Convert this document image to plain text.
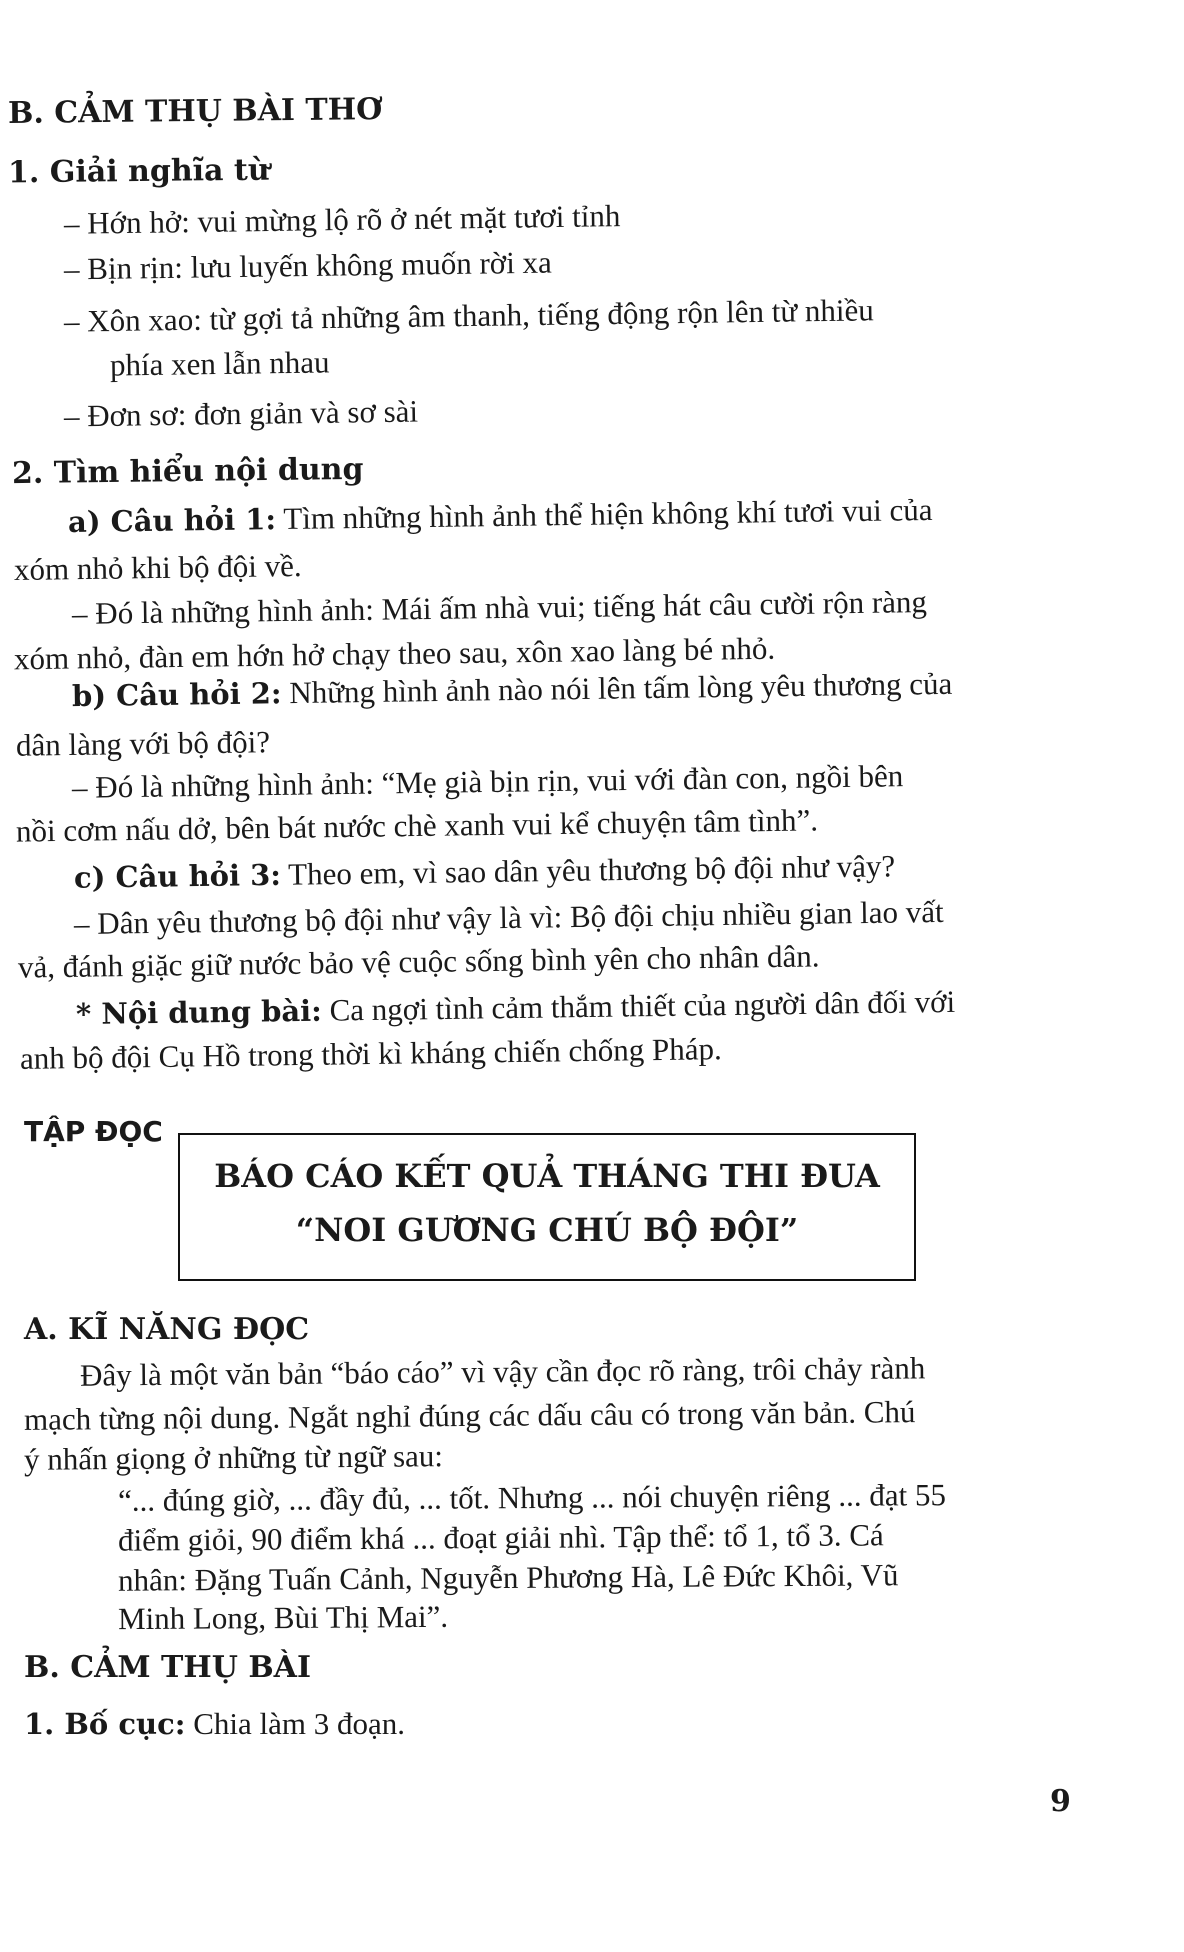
B. CẢM THỤ BÀI THƠ
1. Giải nghĩa từ
– Hớn hở: vui mừng lộ rõ ở nét mặt tươi tỉnh
– Bịn rịn: lưu luyến không muốn rời xa
– Xôn xao: từ gợi tả những âm thanh, tiếng động rộn lên từ nhiều
phía xen lẫn nhau
– Đơn sơ: đơn giản và sơ sài
2. Tìm hiểu nội dung
a) Câu hỏi 1: Tìm những hình ảnh thể hiện không khí tươi vui của
xóm nhỏ khi bộ đội về.
– Đó là những hình ảnh: Mái ấm nhà vui; tiếng hát câu cười rộn ràng
xóm nhỏ, đàn em hớn hở chạy theo sau, xôn xao làng bé nhỏ.
b) Câu hỏi 2: Những hình ảnh nào nói lên tấm lòng yêu thương của
dân làng với bộ đội?
– Đó là những hình ảnh: “Mẹ già bịn rịn, vui với đàn con, ngồi bên
nồi cơm nấu dở, bên bát nước chè xanh vui kể chuyện tâm tình”.
c) Câu hỏi 3: Theo em, vì sao dân yêu thương bộ đội như vậy?
– Dân yêu thương bộ đội như vậy là vì: Bộ đội chịu nhiều gian lao vất
vả, đánh giặc giữ nước bảo vệ cuộc sống bình yên cho nhân dân.
* Nội dung bài: Ca ngợi tình cảm thắm thiết của người dân đối với
anh bộ đội Cụ Hồ trong thời kì kháng chiến chống Pháp.
TẬP ĐỌC
BÁO CÁO KẾT QUẢ THÁNG THI ĐUA
“NOI GƯƠNG CHÚ BỘ ĐỘI”
A. KĨ NĂNG ĐỌC
Đây là một văn bản “báo cáo” vì vậy cần đọc rõ ràng, trôi chảy rành
mạch từng nội dung. Ngắt nghỉ đúng các dấu câu có trong văn bản. Chú
ý nhấn giọng ở những từ ngữ sau:
“... đúng giờ, ... đầy đủ, ... tốt. Nhưng ... nói chuyện riêng ... đạt 55
điểm giỏi, 90 điểm khá ... đoạt giải nhì. Tập thể: tổ 1, tổ 3. Cá
nhân: Đặng Tuấn Cảnh, Nguyễn Phương Hà, Lê Đức Khôi, Vũ
Minh Long, Bùi Thị Mai”.
B. CẢM THỤ BÀI
1. Bố cục: Chia làm 3 đoạn.
9
